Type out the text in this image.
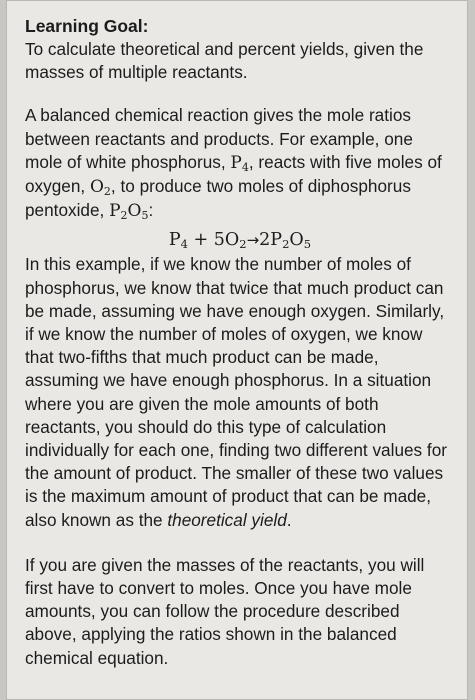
Learning Goal:

To calculate theoretical and percent yields, given the masses of multiple reactants.

A balanced chemical reaction gives the mole ratios between reactants and products. For example, one mole of white phosphorus, $P_4$, reacts with five moles of oxygen, $O_2$, to produce two moles of diphosphorus pentoxide, $P_2O_5$:

$P_4 + 5O_2\to 2P_2O_5$

In this example, if we know the number of moles of phosphorus, we know that twice that much product can be made, assuming we have enough oxygen. Similarly, if we know the number of moles of oxygen, we know that two-fifths that much product can be made, assuming we have enough phosphorus. In a situation where you are given the mole amounts of both reactants, you should do this type of calculation individually for each one, finding two different values for the amount of product. The smaller of these two values is the maximum amount of product that can be made, also known as the theoretical yield.

If you are given the masses of the reactants, you will first have to convert to moles. Once you have mole amounts, you can follow the procedure described above, applying the ratios shown in the balanced chemical equation.
